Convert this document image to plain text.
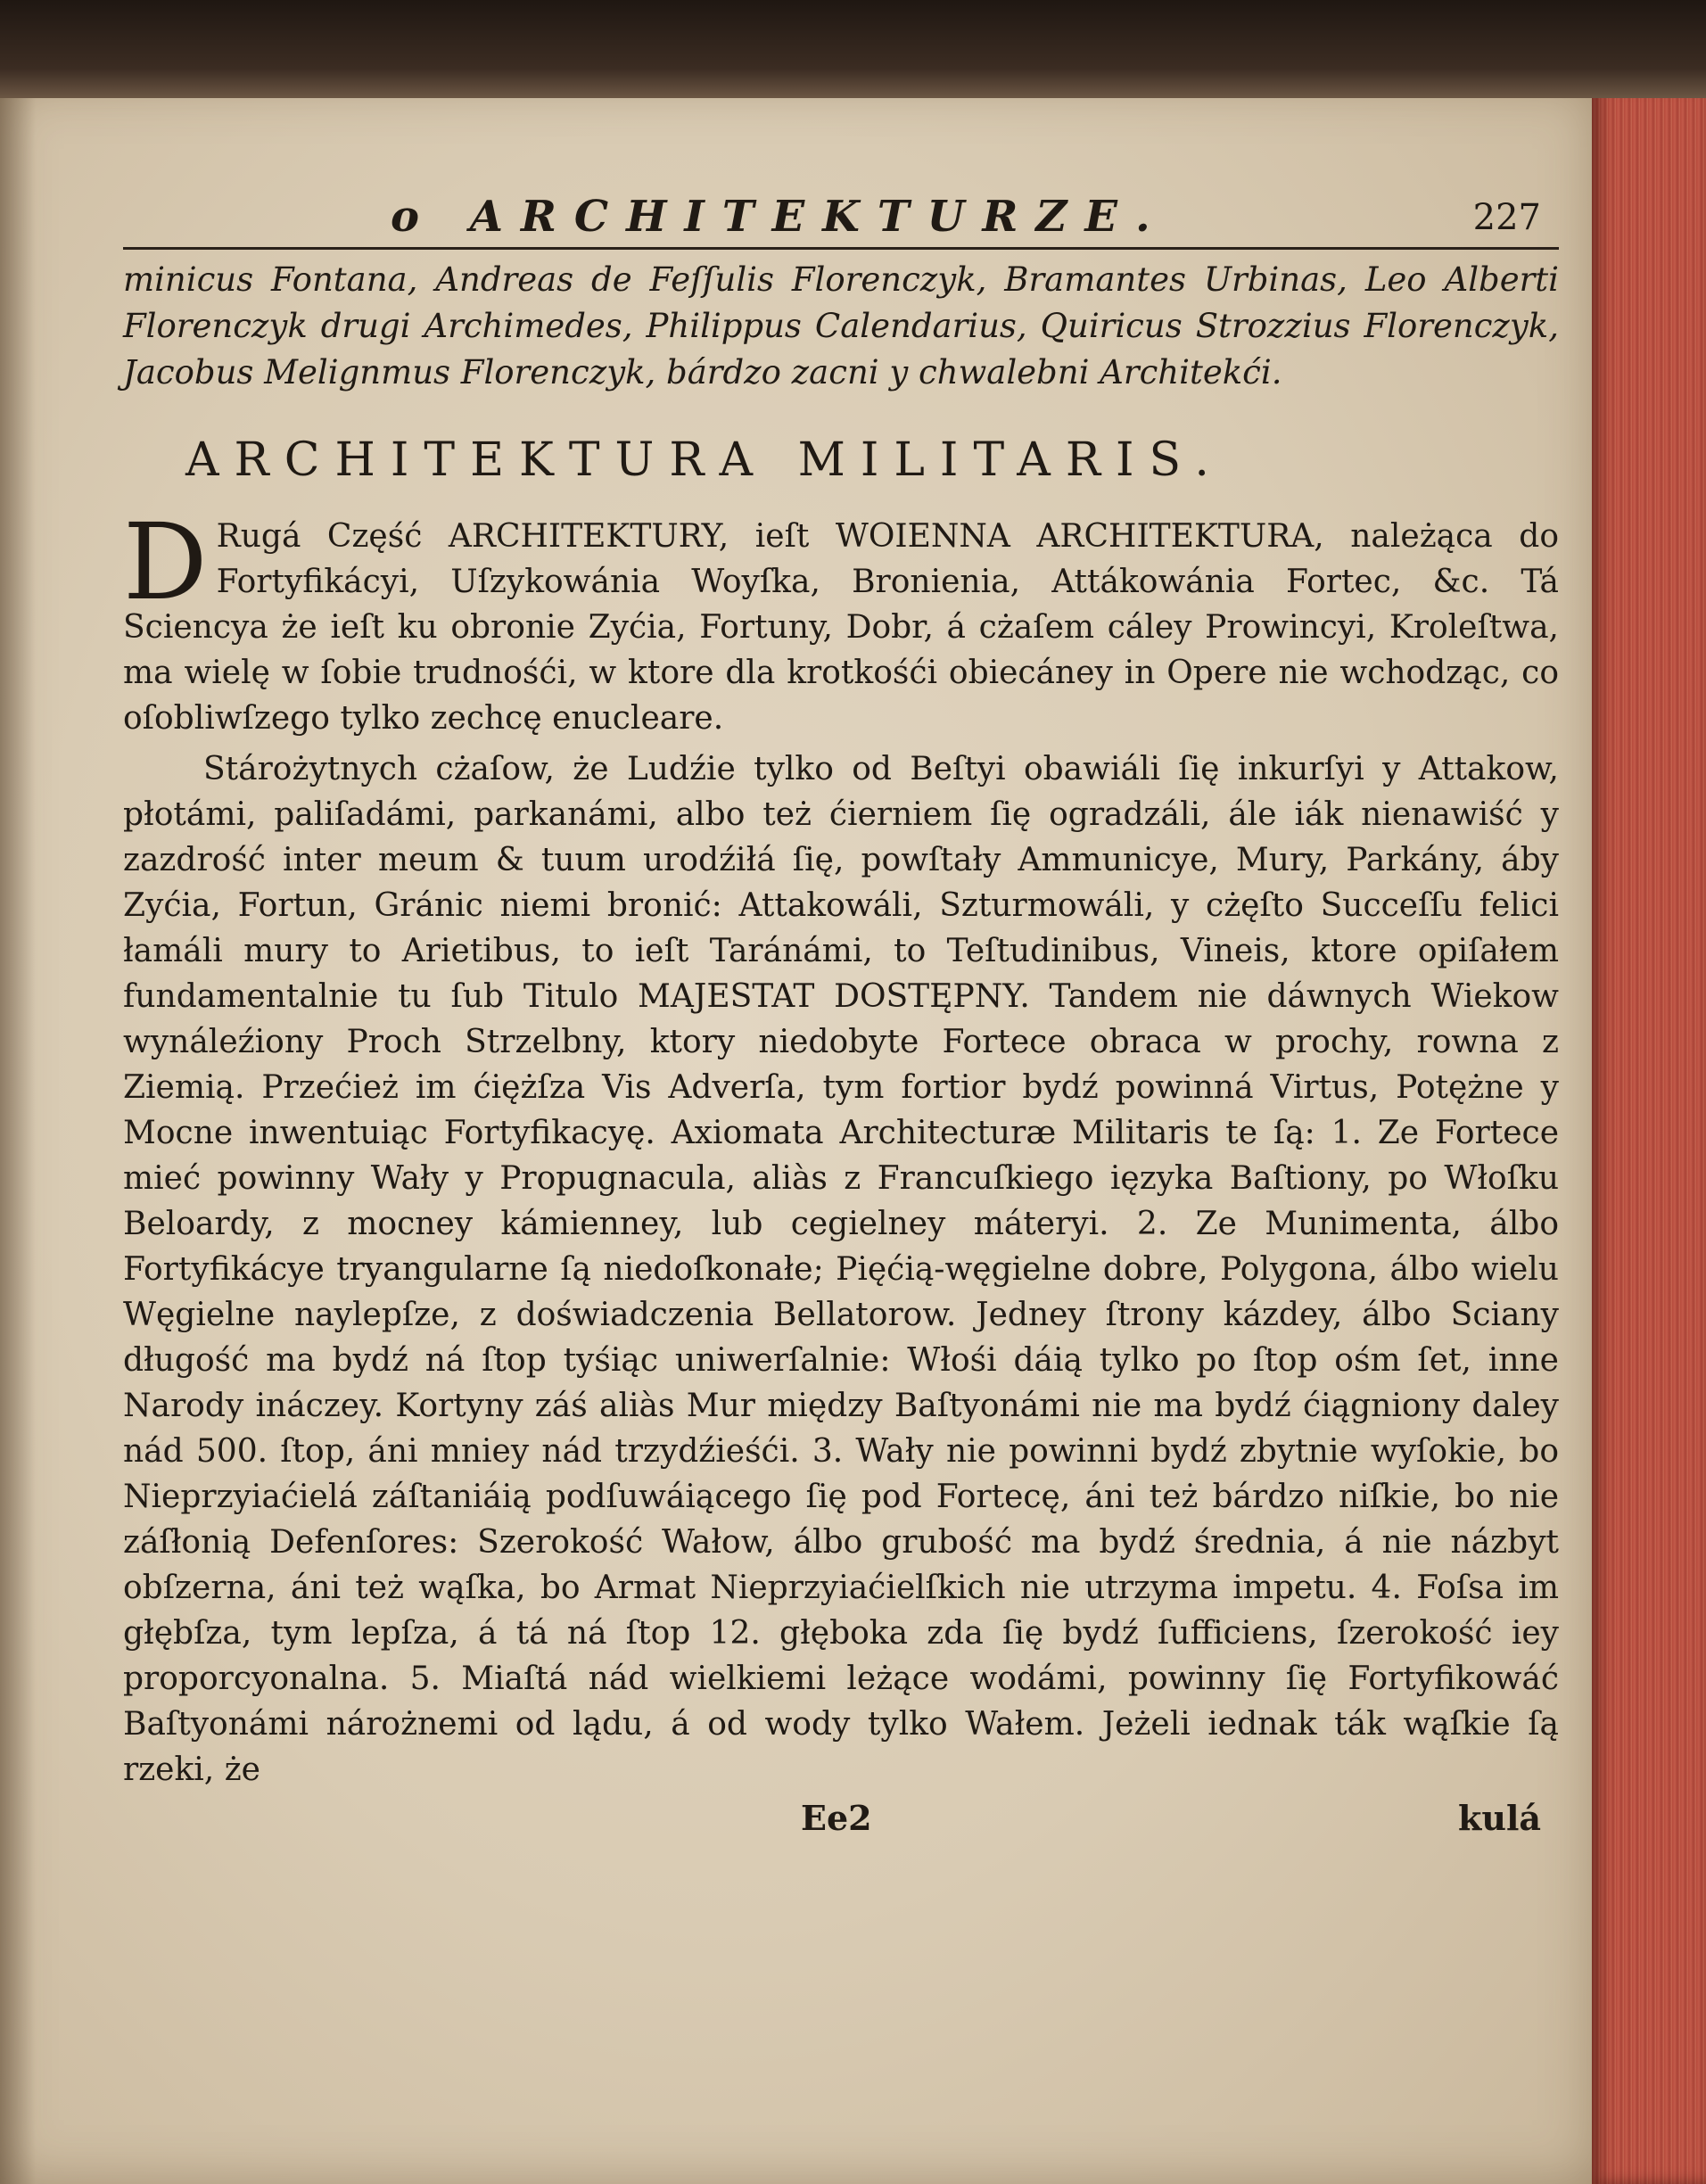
o ARCHITEKTURZE.	227

minicus Fontana, Andreas de Feſſulis Florenczyk, Bramantes Urbinas, Leo Alberti Florenczyk drugi Archimedes, Philippus Calendarius, Quiricus Strozzius Florenczyk, Jacobus Melignmus Florenczyk, bárdzo zacni y chwalebni Architekći.

ARCHITEKTURA MILITARIS.

D Rugá Część ARCHITEKTURY, ieſt WOIENNA ARCHITEKTURA, należąca do Fortyfikácyi, Uſzykowánia Woyſka, Bronienia, Attákowánia Fortec, &c. Tá Sciencya że ieſt ku obronie Zyćia, Fortuny, Dobr, á cżaſem cáley Prowincyi, Kroleſtwa, ma wielę w ſobie trudnośći, w ktore dla krotkośći obiecáney in Opere nie wchodząc, co oſobliwſzego tylko zechcę enucleare.

Stárożytnych cżaſow, że Ludźie tylko od Beſtyi obawiáli ſię inkurſyi y Attakow, płotámi, paliſadámi, parkanámi, albo też ćierniem ſię ogradzáli, ále iák nienawiść y zazdrość inter meum & tuum urodźiłá ſię, powſtały Ammunicye, Mury, Parkány, áby Zyćia, Fortun, Gránic niemi bronić: Attakowáli, Szturmowáli, y cżęſto Succeſſu felici łamáli mury to Arietibus, to ieſt Taránámi, to Teſtudinibus, Vineis, ktore opiſałem fundamentalnie tu ſub Titulo MAJESTAT DOSTĘPNY. Tandem nie dáwnych Wiekow wynáleźiony Proch Strzelbny, ktory niedobyte Fortece obraca w prochy, rowna z Ziemią. Przećież im ćiężſza Vis Adverſa, tym fortior bydź powinná Virtus, Potężne y Mocne inwentuiąc Fortyfikacyę. Axiomata Architecturæ Militaris te ſą: 1. Ze Fortece mieć powinny Wały y Propugnacula, aliàs z Francuſkiego ięzyka Baſtiony, po Włoſku Beloardy, z mocney kámienney, lub cegielney máteryi. 2. Ze Munimenta, álbo Fortyfikácye tryangularne ſą niedoſkonałe; Pięćią-węgielne dobre, Polygona, álbo wielu Węgielne naylepſze, z doświadczenia Bellatorow. Jedney ſtrony kázdey, álbo Sciany długość ma bydź ná ſtop tyśiąc uniwerſalnie: Włośi dáią tylko po ſtop ośm ſet, inne Narody ináczey. Kortyny záś aliàs Mur między Baſtyonámi nie ma bydź ćiągniony daley nád 500. ſtop, áni mniey nád trzydźieśći. 3. Wały nie powinni bydź zbytnie wyſokie, bo Nieprzyiaćielá záſtaniáią podſuwáiącego ſię pod Fortecę, áni też bárdzo niſkie, bo nie záſłonią Defenſores: Szerokość Wałow, álbo grubość ma bydź średnia, á nie názbyt obſzerna, áni też wąſka, bo Armat Nieprzyiaćielſkich nie utrzyma impetu. 4. Foſsa im głębſza, tym lepſza, á tá ná ſtop 12. głęboka zda ſię bydź ſufficiens, ſzerokość iey proporcyonalna. 5. Miaſtá nád wielkiemi leżące wodámi, powinny ſię Fortyfikowáć Baſtyonámi nárożnemi od lądu, á od wody tylko Wałem. Jeżeli iednak ták wąſkie ſą rzeki, że

Ee2	kulá
